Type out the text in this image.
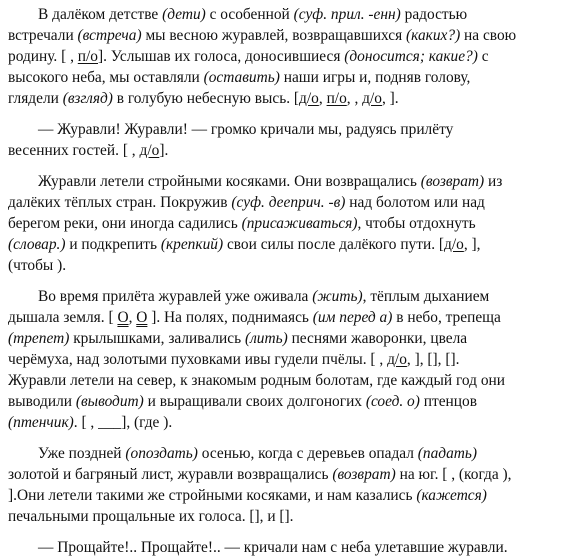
В далёком детстве (дети) с особенной (суф. прил. -енн) радостью
встречали (встреча) мы весною журавлей, возвращавшихся (каких?) на свою
родину. [ , п/о]. Услышав их голоса, доносившиеся (доносится; какие?) с
высокого неба, мы оставляли (оставить) наши игры и, подняв голову,
глядели (взгляд) в голубую небесную высь. [д/о, п/о, , д/о, ].

— Журавли! Журавли! — громко кричали мы, радуясь прилёту
весенних гостей. [ , д/о].

Журавли летели стройными косяками. Они возвращались (возврат) из
далёких тёплых стран. Покружив (суф. дееприч. -в) над болотом или над
берегом реки, они иногда садились (присаживаться), чтобы отдохнуть
(словар.) и подкрепить (крепкий) свои силы после далёкого пути. [д/о, ],
(чтобы ).

Во время прилёта журавлей уже оживала (жить), тёплым дыханием
дышала земля. [ О, О ]. На полях, поднимаясь (им перед а) в небо, трепеща
(трепет) крылышками, заливались (лить) песнями жаворонки, цвела
черёмуха, над золотыми пуховками ивы гудели пчёлы. [ , д/о, ], [], [].
Журавли летели на север, к знакомым родным болотам, где каждый год они
выводили (выводит) и выращивали своих долгоногих (соед. о) птенцов
(птенчик). [ , ___], (где ).

Уже поздней (опоздать) осенью, когда с деревьев опадал (падать)
золотой и багряный лист, журавли возвращались (возврат) на юг. [ , (когда ),
].Они летели такими же стройными косяками, и нам казались (кажется)
печальными прощальные их голоса. [], и [].

— Прощайте!.. Прощайте!.. — кричали нам с неба улетавшие журавли.
